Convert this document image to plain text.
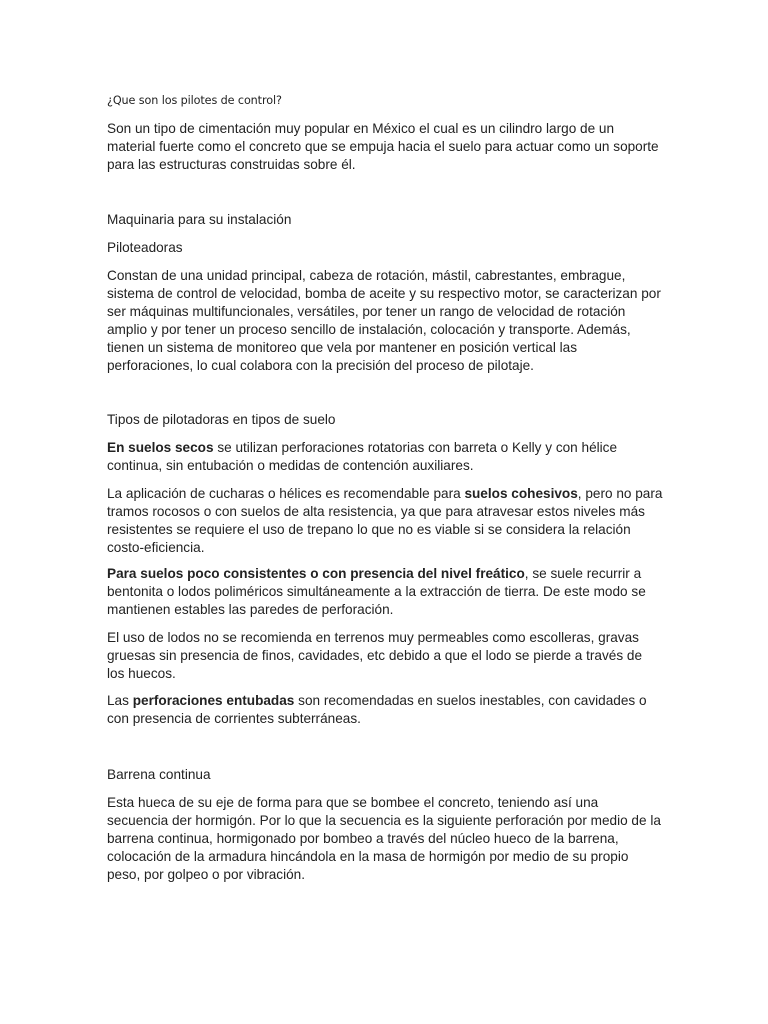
¿Que son los pilotes de control?

Son un tipo de cimentación muy popular en México el cual es un cilindro largo de un material fuerte como el concreto que se empuja hacia el suelo para actuar como un soporte para las estructuras construidas sobre él.

Maquinaria para su instalación

Piloteadoras

Constan de una unidad principal, cabeza de rotación, mástil, cabrestantes, embrague, sistema de control de velocidad, bomba de aceite y su respectivo motor, se caracterizan por ser máquinas multifuncionales, versátiles, por tener un rango de velocidad de rotación amplio y por tener un proceso sencillo de instalación, colocación y transporte. Además, tienen un sistema de monitoreo que vela por mantener en posición vertical las perforaciones, lo cual colabora con la precisión del proceso de pilotaje.

Tipos de pilotadoras en tipos de suelo

En suelos secos se utilizan perforaciones rotatorias con barreta o Kelly y con hélice continua, sin entubación o medidas de contención auxiliares.

La aplicación de cucharas o hélices es recomendable para suelos cohesivos, pero no para tramos rocosos o con suelos de alta resistencia, ya que para atravesar estos niveles más resistentes se requiere el uso de trepano lo que no es viable si se considera la relación costo-eficiencia.

Para suelos poco consistentes o con presencia del nivel freático, se suele recurrir a bentonita o lodos poliméricos simultáneamente a la extracción de tierra. De este modo se mantienen estables las paredes de perforación.

El uso de lodos no se recomienda en terrenos muy permeables como escolleras, gravas gruesas sin presencia de finos, cavidades, etc debido a que el lodo se pierde a través de los huecos.

Las perforaciones entubadas son recomendadas en suelos inestables, con cavidades o con presencia de corrientes subterráneas.

Barrena continua

Esta hueca de su eje de forma para que se bombee el concreto, teniendo así una secuencia der hormigón. Por lo que la secuencia es la siguiente perforación por medio de la barrena continua, hormigonado por bombeo a través del núcleo hueco de la barrena, colocación de la armadura hincándola en la masa de hormigón por medio de su propio peso, por golpeo o por vibración.
